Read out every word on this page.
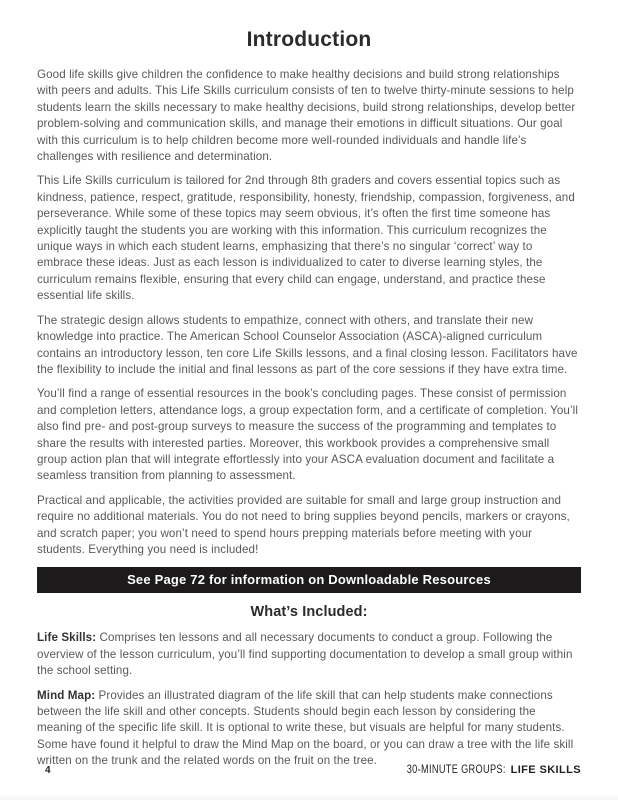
Introduction

Good life skills give children the confidence to make healthy decisions and build strong relationships with peers and adults. This Life Skills curriculum consists of ten to twelve thirty-minute sessions to help students learn the skills necessary to make healthy decisions, build strong relationships, develop better problem-solving and communication skills, and manage their emotions in difficult situations. Our goal with this curriculum is to help children become more well-rounded individuals and handle life’s challenges with resilience and determination.

This Life Skills curriculum is tailored for 2nd through 8th graders and covers essential topics such as kindness, patience, respect, gratitude, responsibility, honesty, friendship, compassion, forgiveness, and perseverance. While some of these topics may seem obvious, it’s often the first time someone has explicitly taught the students you are working with this information. This curriculum recognizes the unique ways in which each student learns, emphasizing that there’s no singular ‘correct’ way to embrace these ideas. Just as each lesson is individualized to cater to diverse learning styles, the curriculum remains flexible, ensuring that every child can engage, understand, and practice these essential life skills.

The strategic design allows students to empathize, connect with others, and translate their new knowledge into practice. The American School Counselor Association (ASCA)-aligned curriculum contains an introductory lesson, ten core Life Skills lessons, and a final closing lesson. Facilitators have the flexibility to include the initial and final lessons as part of the core sessions if they have extra time.

You’ll find a range of essential resources in the book’s concluding pages. These consist of permission and completion letters, attendance logs, a group expectation form, and a certificate of completion. You’ll also find pre- and post-group surveys to measure the success of the programming and templates to share the results with interested parties. Moreover, this workbook provides a comprehensive small group action plan that will integrate effortlessly into your ASCA evaluation document and facilitate a seamless transition from planning to assessment.

Practical and applicable, the activities provided are suitable for small and large group instruction and require no additional materials. You do not need to bring supplies beyond pencils, markers or crayons, and scratch paper; you won’t need to spend hours prepping materials before meeting with your students. Everything you need is included!

See Page 72 for information on Downloadable Resources
What’s Included:

Life Skills: Comprises ten lessons and all necessary documents to conduct a group. Following the overview of the lesson curriculum, you’ll find supporting documentation to develop a small group within the school setting.

Mind Map: Provides an illustrated diagram of the life skill that can help students make connections between the life skill and other concepts. Students should begin each lesson by considering the meaning of the specific life skill. It is optional to write these, but visuals are helpful for many students. Some have found it helpful to draw the Mind Map on the board, or you can draw a tree with the life skill written on the trunk and the related words on the fruit on the tree.

4	30-MINUTE GROUPS: LIFE SKILLS
